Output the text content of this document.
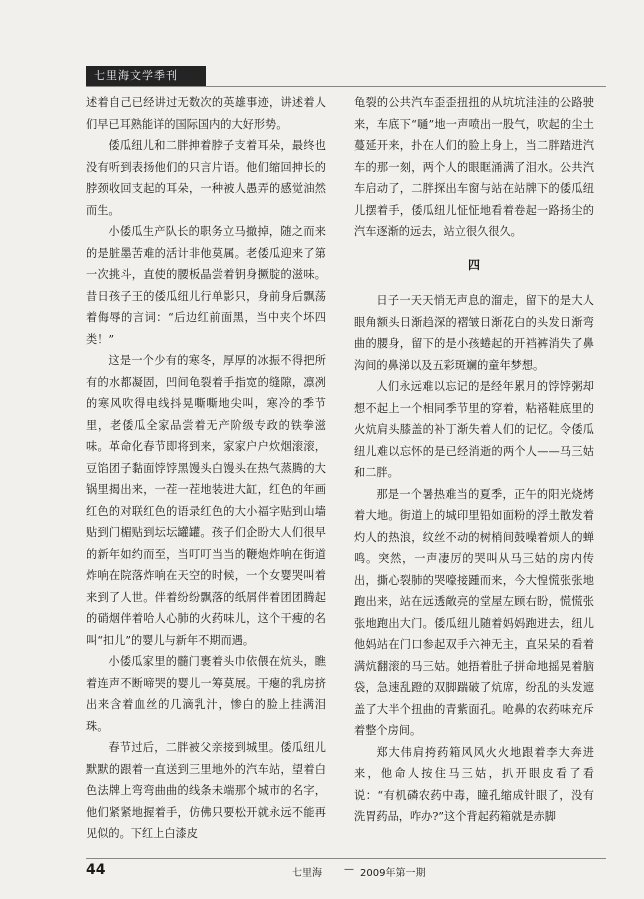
七里海文学季刊

述着自己已经讲过无数次的英雄事迹，讲述着人们早已耳熟能详的国际国内的大好形势。

倭瓜纽儿和二胖抻着脖子支着耳朵，最终也没有听到表扬他们的只言片语。他们缩回抻长的脖颈收回支起的耳朵，一种被人愚弄的感觉油然而生。

小倭瓜生产队长的职务立马撤掉，随之而来的是脏墨苦难的活计非他莫属。老倭瓜迎来了第一次挑斗，直使的腰板晶尝着钥身撅腚的滋味。昔日孩子王的倭瓜纽儿行单影只，身前身后飘荡着侮辱的言词：“后边红前面黑，当中夹个坏四类！”

这是一个少有的寒冬，厚厚的冰振不得把所有的水都凝固，凹间龟裂着手指宽的缝隙，凛冽的寒风吹得电线抖晃嘶嘶地尖叫，寒冷的季节里，老倭瓜全家品尝着无产阶级专政的铁拳滋味。革命化春节即将到来，家家户户炊烟滚滚，豆馅团子黏面饽饽黑馒头白馒头在热气蒸腾的大锅里揭出来，一茬一茬地装进大缸，红色的年画红色的对联红色的语录红色的大小福字贴到山墙贴到门楣贴到坛坛罐罐。孩子们企盼大人们很早的新年如约而至，当叮叮当当的鞭炮炸响在街道炸响在院落炸响在天空的时候，一个女婴哭叫着来到了人世。伴着纷纷飘落的纸屑伴着团团腾起的硝烟伴着哈人心肺的火药味儿，这个干瘦的名叫“扣儿”的婴儿与新年不期而遇。

小倭瓜家里的髓门裹着头巾依偎在炕头，瞧着连声不断啼哭的婴儿一筹莫展。干瘪的乳房挤出来含着血丝的几滴乳汁，惨白的脸上挂满泪珠。

春节过后，二胖被父亲接到城里。倭瓜纽儿默默的跟着一直送到三里地外的汽车站，望着白色法牌上弯弯曲曲的线条未端那个城市的名字，他们紧紧地握着手，仿佛只要松开就永远不能再见似的。下红上白漆皮

龟裂的公共汽车歪歪扭扭的从坑坑洼洼的公路驶来，车底下“嗵”地一声喷出一股气，吹起的尘土蔓延开来，扑在人们的脸上身上，当二胖踏进汽车的那一刻，两个人的眼眶涌满了泪水。公共汽车启动了，二胖探出车窗与站在站牌下的倭瓜纽儿摆着手，倭瓜纽儿怔怔地看着卷起一路扬尘的汽车逐渐的远去，站立很久很久。

四

日子一天天悄无声息的溜走，留下的是大人眼角额头日渐趋深的褶皱日渐花白的头发日渐弯曲的腰身，留下的是小孩蜷起的开裆裤消失了鼻沟间的鼻涕以及五彩斑斓的童年梦想。

人们永远难以忘记的是经年累月的饽饽粥却想不起上一个相同季节里的穿着，粘褡鞋底里的火炕肩头膝盖的补丁渐失着人们的记忆。令倭瓜纽儿难以忘怀的是已经消逝的两个人——马三姑和二胖。

那是一个暑热难当的夏季，正午的阳光烧烤着大地。街道上的城印里铅如面粉的浮土散发着灼人的热浪，纹丝不动的树梢间鼓噪着烦人的蝉鸣。突然，一声凄厉的哭叫从马三姑的房内传出，撕心裂肺的哭嚎接踵而来，今大惶慌张张地跑出来，站在远透敞亮的堂屋左顾右盼，慌慌张张地跑出大门。倭瓜纽儿随着妈妈跑进去，纽儿他妈站在门口参起双手六神无主，直呆呆的看着满炕翻滚的马三姑。她捂着肚子拼命地摇晃着脑袋，急速乱蹬的双脚踹破了炕席，纷乱的头发遮盖了大半个扭曲的青紫面孔。呛鼻的农药味充斥着整个房间。

郑大伟肩挎药箱风风火火地跟着李大奔进来，他命人按住马三姑，扒开眼皮看了看说：“有机磷农药中毒，瞳孔缩成针眼了，没有洗胃药品，咋办?”这个背起药箱就是赤脚

44	七里海 — 2009年第一期
